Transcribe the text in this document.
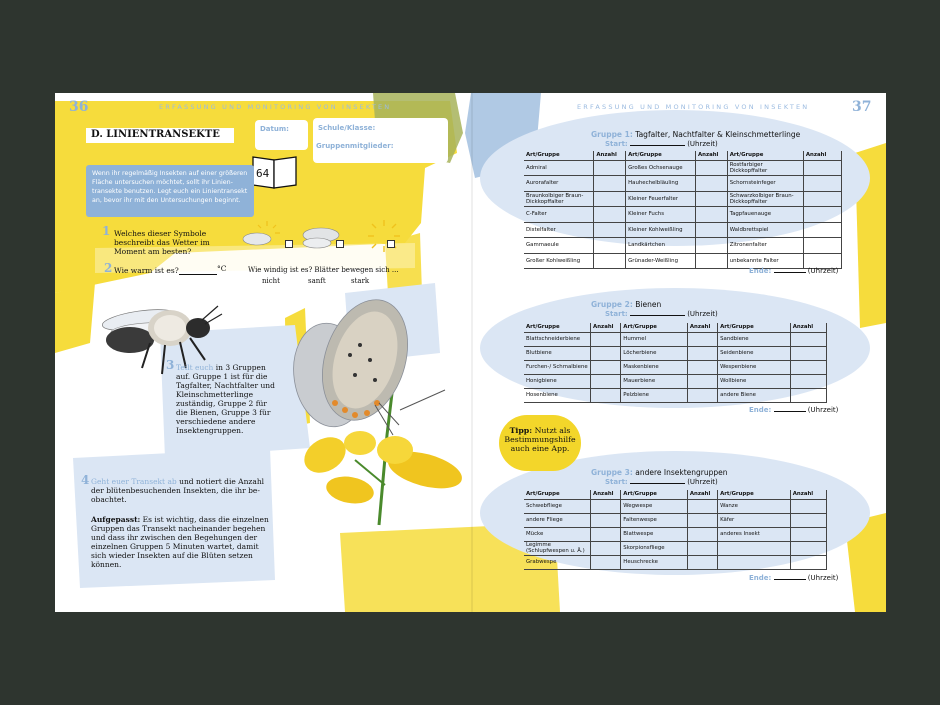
36	ERFASSUNG UND MONITORING VON INSEKTEN
D. LINIENTRANSEKTE	Datum:	Schule/Klasse:
Gruppenmitglieder:
64
Wenn ihr regelmäßig Insekten auf einer größeren Fläche untersuchen möchtet, sollt ihr Linien-transekte benutzen. Legt euch ein Linientransekt an, bevor ihr mit den Untersuchungen beginnt.
1 Welches dieser Symbole beschreibt das Wetter im Moment am besten?
2 Wie warm ist es?	°C	Wie windig ist es? Blätter bewegen sich ...
nicht	sanft	stark
3 Teilt euch in 3 Gruppen auf. Gruppe 1 ist für die Tagfalter, Nachtfalter und Kleinschmetterlinge zuständig, Gruppe 2 für die Bienen, Gruppe 3 für verschiedene andere Insektengruppen.
4 Geht euer Transekt ab und notiert die Anzahl der blütenbesuchenden Insekten, die ihr be-obachtet.
Aufgepasst: Es ist wichtig, dass die einzelnen Gruppen das Transekt nacheinander begehen und dass ihr zwischen den Begehungen der einzelnen Gruppen 5 Minuten wartet, damit sich wieder Insekten auf die Blüten setzen können.
ERFASSUNG UND MONITORING VON INSEKTEN	37
Gruppe 1: Tagfalter, Nachtfalter & Kleinschmetterlinge
Start:	(Uhrzeit)
Art/Gruppe	Anzahl	Art/Gruppe	Anzahl	Art/Gruppe	Anzahl
Admiral		Großes Ochsenauge		Rostfarbiger Dickkopffalter	
Aurorafalter		Hauhechelbläuling		Schornsteinfeger	
Braunkolbiger Braun-Dickkopffalter		Kleiner Feuerfalter		Schwarzkolbiger Braun-Dickkopffalter	
C-Falter		Kleiner Fuchs		Tagpfauenauge	
Distelfalter		Kleiner Kohlweißling		Waldbrettspiel	
Gammaeule		Landkärtchen		Zitronenfalter	
Großer Kohlweißling		Grünader-Weißling		unbekannte Falter	
Ende:	(Uhrzeit)
Gruppe 2: Bienen
Start:	(Uhrzeit)
Art/Gruppe	Anzahl	Art/Gruppe	Anzahl	Art/Gruppe	Anzahl
Blattschneiderbiene		Hummel		Sandbiene	
Blutbiene		Löcherbiene		Seidenbiene	
Furchen-/ Schmalbiene		Maskenbiene		Wespenbiene	
Honigbiene		Mauerbiene		Wollbiene	
Hosenbiene		Pelzbiene		andere Biene	
Ende:	(Uhrzeit)
Tipp: Nutzt als Bestimmungshilfe auch eine App.
Gruppe 3: andere Insektengruppen
Start:	(Uhrzeit)
Art/Gruppe	Anzahl	Art/Gruppe	Anzahl	Art/Gruppe	Anzahl
Schwebfliege		Wegwespe		Wanze	
andere Fliege		Faltenwespe		Käfer	
Mücke		Blattwespe		anderes Insekt	
Legimme (Schlupfwespen u. Ä.)		Skorpionsfliege			
Grabwespe		Heuschrecke			
Ende:	(Uhrzeit)
